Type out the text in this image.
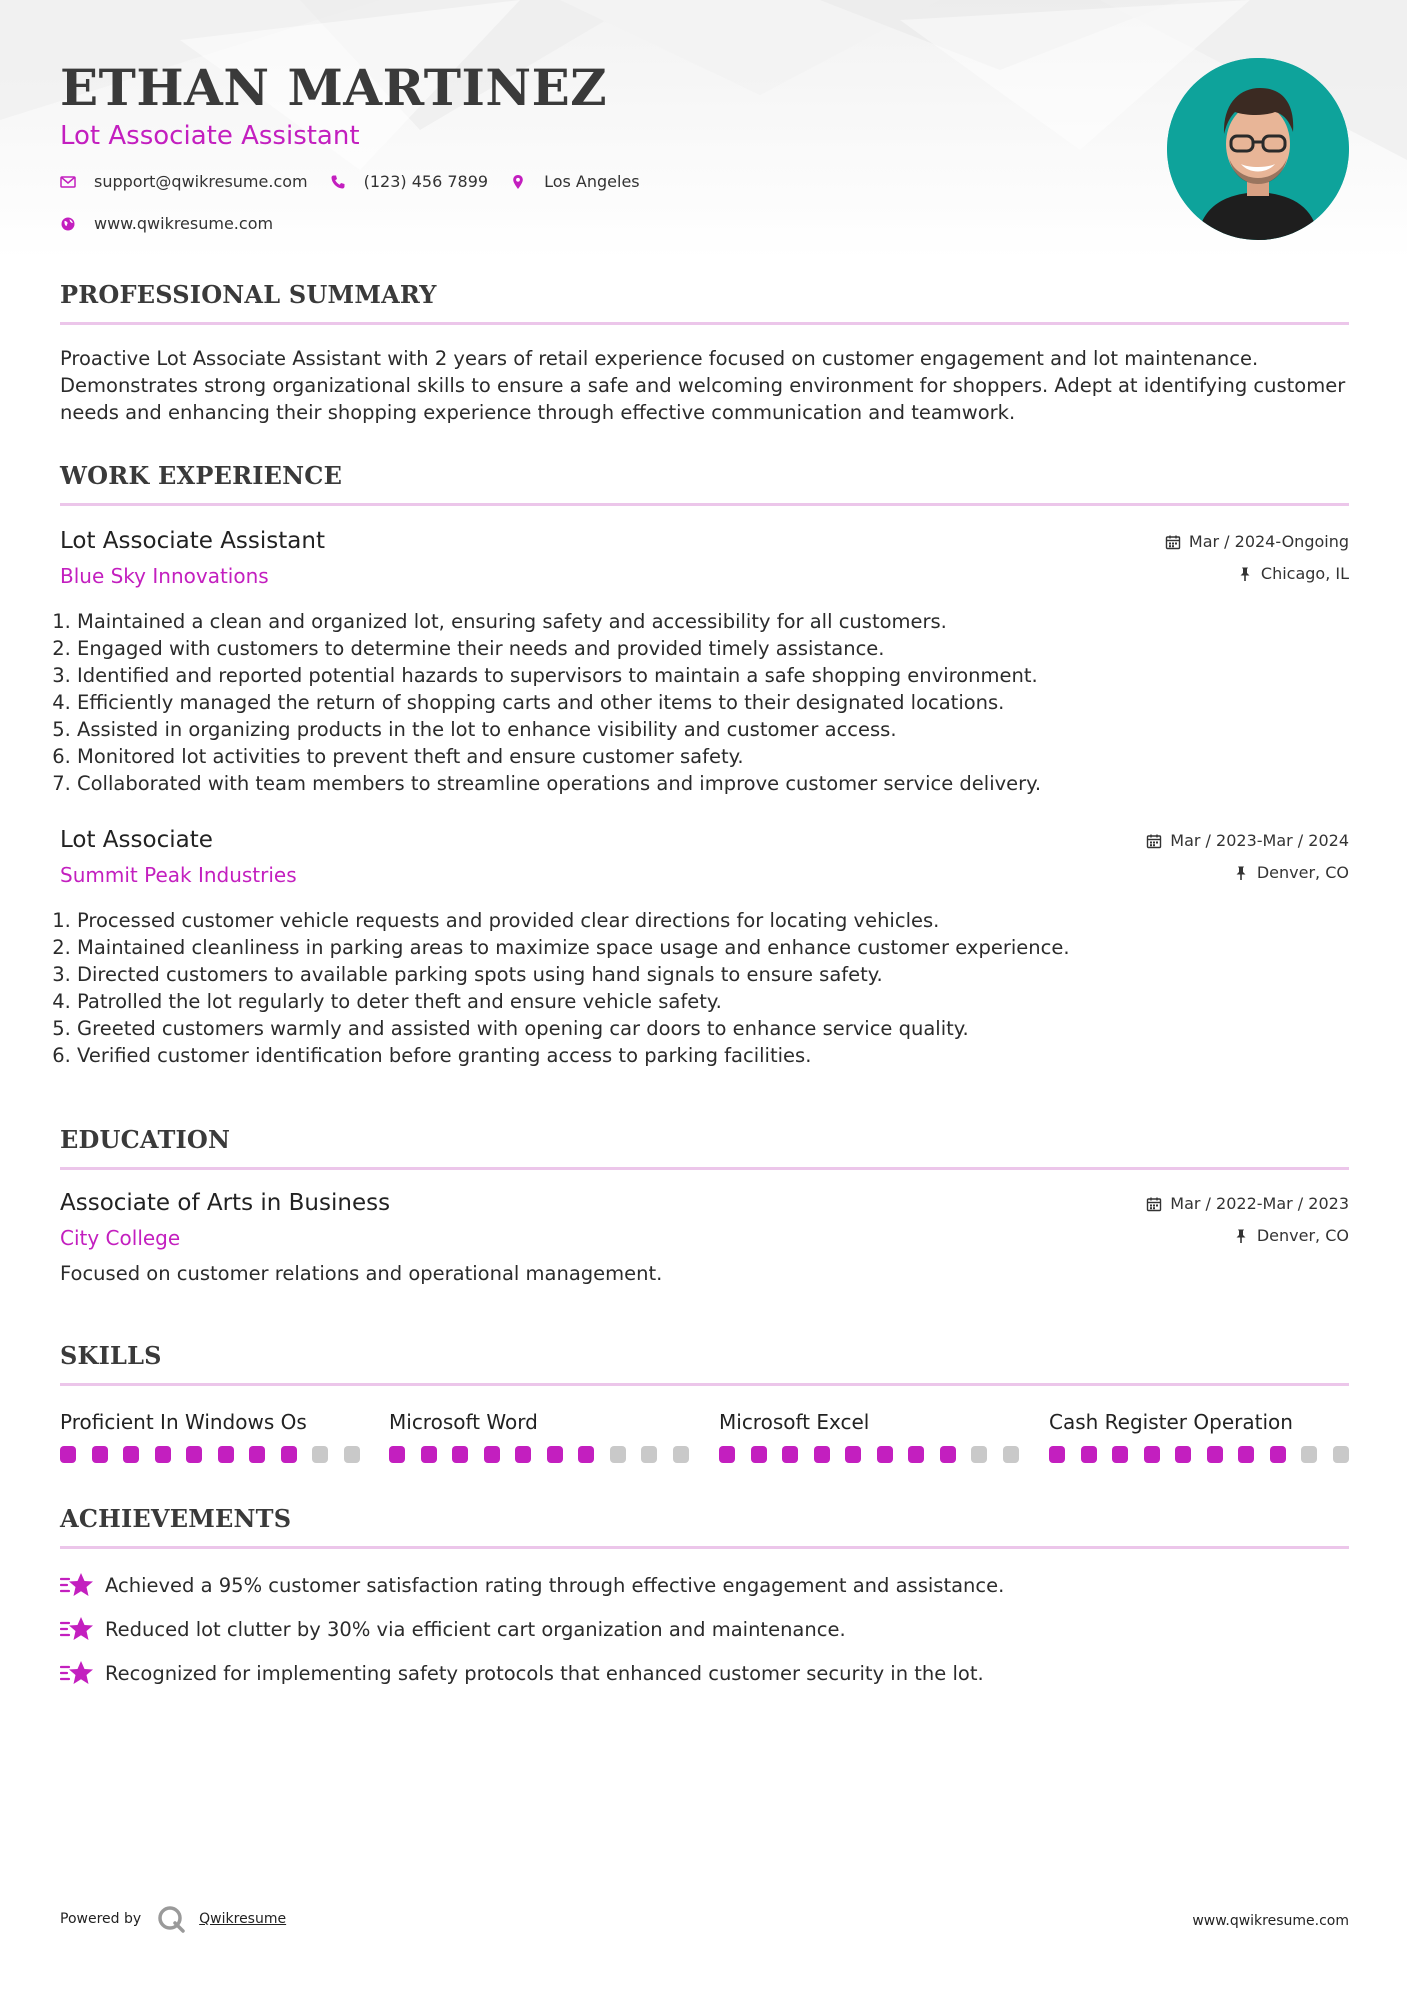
ETHAN MARTINEZ
Lot Associate Assistant
support@qwikresume.com	(123) 456 7899	Los Angeles
www.qwikresume.com
PROFESSIONAL SUMMARY
Proactive Lot Associate Assistant with 2 years of retail experience focused on customer engagement and lot maintenance. Demonstrates strong organizational skills to ensure a safe and welcoming environment for shoppers. Adept at identifying customer needs and enhancing their shopping experience through effective communication and teamwork.
WORK EXPERIENCE
Lot Associate Assistant
Blue Sky Innovations
Mar / 2024-Ongoing
Chicago, IL
1. Maintained a clean and organized lot, ensuring safety and accessibility for all customers.
2. Engaged with customers to determine their needs and provided timely assistance.
3. Identified and reported potential hazards to supervisors to maintain a safe shopping environment.
4. Efficiently managed the return of shopping carts and other items to their designated locations.
5. Assisted in organizing products in the lot to enhance visibility and customer access.
6. Monitored lot activities to prevent theft and ensure customer safety.
7. Collaborated with team members to streamline operations and improve customer service delivery.
Lot Associate
Summit Peak Industries
Mar / 2023-Mar / 2024
Denver, CO
1. Processed customer vehicle requests and provided clear directions for locating vehicles.
2. Maintained cleanliness in parking areas to maximize space usage and enhance customer experience.
3. Directed customers to available parking spots using hand signals to ensure safety.
4. Patrolled the lot regularly to deter theft and ensure vehicle safety.
5. Greeted customers warmly and assisted with opening car doors to enhance service quality.
6. Verified customer identification before granting access to parking facilities.
EDUCATION
Associate of Arts in Business
City College
Mar / 2022-Mar / 2023
Denver, CO
Focused on customer relations and operational management.
SKILLS
Proficient In Windows Os	Microsoft Word	Microsoft Excel	Cash Register Operation
ACHIEVEMENTS
Achieved a 95% customer satisfaction rating through effective engagement and assistance.
Reduced lot clutter by 30% via efficient cart organization and maintenance.
Recognized for implementing safety protocols that enhanced customer security in the lot.
Powered by	Qwikresume	www.qwikresume.com
